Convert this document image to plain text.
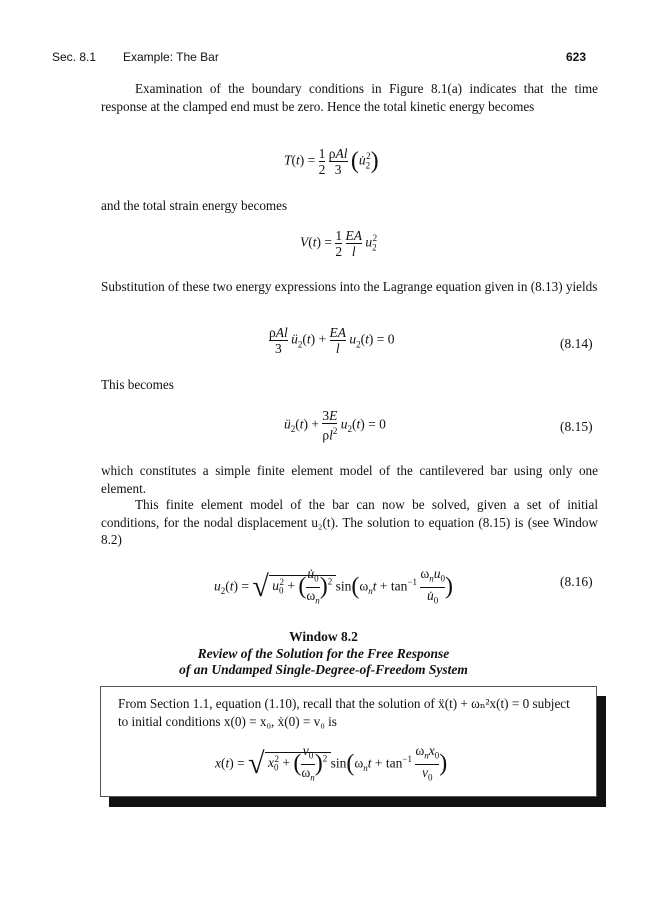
Sec. 8.1 Example: The Bar	623
Examination of the boundary conditions in Figure 8.1(a) indicates that the time response at the clamped end must be zero. Hence the total kinetic energy becomes
$T(t) = \frac{1}{2}$
$\frac{\text{ρAl}}{3}$ $(u̇_2^2)$
and the total strain energy becomes
$V(t) = \frac{1}{2}$
$\frac{EA}{l} u_2^2$
Substitution of these two energy expressions into the Lagrange equation given in (8.13) yields
$\frac{\text{ρAl}}{3}$ $ü_2(t) + \frac{EA}{l} u_2(t) = 0$	(8.14)
This becomes
$ü_2(t) + \frac{3E}{\rho l^2} u_2(t) = 0$	(8.15)
which constitutes a simple finite element model of the cantilevered bar using only one element.
This finite element model of the bar can now be solved, given a set of initial conditions, for the nodal displacement u₂(t). The solution to equation (8.15) is (see Window 8.2)
$u_2(t)$ = √ $u_0^2$ + ( $\frac{u̇_0}{\omega_n} )^2$ $\sin(\omega_nt + \tan^{-1} \frac{\omega_nu_0}{u̇_0}$ )	(8.16)
Window 8.2
Review of the Solution for the Free Response
of an Undamped Single-Degree-of-Freedom System
From Section 1.1, equation (1.10), recall that the solution of ẍ(t) + ωₙ²x(t) = 0 subject to initial conditions x(0) = x₀, ẋ(0) = v₀ is
x(t) = √ $x_0^2$ + ( $\frac{v_0}{\omega_n} )^2$ $\sin(\omega_nt + \tan^{-1} \frac{\omega_nx_0}{v_0}$ )
